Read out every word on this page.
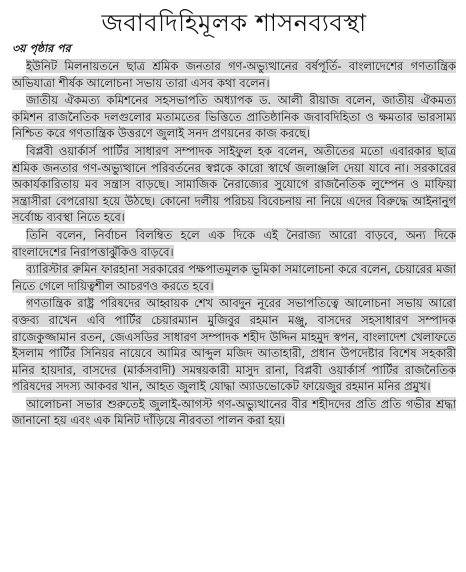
জবাবদিহিমূলক শাসনব্যবস্থা
৩য় পৃষ্ঠার পর

ইউনিট মিলনায়তনে ছাত্র শ্রমিক জনতার গণ-অভ্যুত্থানের বর্ষপূর্তি- বাংলাদেশের গণতান্ত্রিক অভিযাত্রা শীর্ষক আলোচনা সভায় তারা এসব কথা বলেন।

জাতীয় ঐকমত্য কমিশনের সহসভাপতি অধ্যাপক ড. আলী রীয়াজ বলেন, জাতীয় ঐকমত্য কমিশন রাজনৈতিক দলগুলোর মতামতের ভিত্তিতে প্রাতিষ্ঠানিক জবাবদিহিতা ও ক্ষমতার ভারসাম্য নিশ্চিত করে গণতান্ত্রিক উত্তরণে জুলাই সনদ প্রণয়নের কাজ করছে।

বিপ্লবী ওয়ার্কার্স পার্টির সাধারণ সম্পাদক সাইফুল হক বলেন, অতীতের মতো এবারকার ছাত্র শ্রমিক জনতার গণ-অভ্যুত্থানে পরিবর্তনের স্বপ্নকে কারো স্বার্থে জলাঞ্জলি দেয়া যাবে না। সরকারের অকার্যকারিতায় মব সন্ত্রাস বাড়ছে। সামাজিক নৈরাজ্যের সুযোগে রাজনৈতিক লুম্পেন ও মাফিয়া সন্ত্রাসীরা বেপরোয়া হয়ে উঠছে। কোনো দলীয় পরিচয় বিবেচনায় না নিয়ে এদের বিরুদ্ধে আইনানুগ সর্বোচ্চ ব্যবস্থা নিতে হবে।

তিনি বলেন, নির্বাচন বিলম্বিত হলে এক দিকে এই নৈরাজ্য আরো বাড়বে, অন্য দিকে বাংলাদেশের নিরাপত্তাঝুঁকিও বাড়বে।

ব্যারিস্টার রুমিন ফারহানা সরকারের পক্ষপাতমূলক ভূমিকা সমালোচনা করে বলেন, চেয়ারের মজা নিতে গেলে দায়িত্বশীল আচরণও করতে হবে।

গণতান্ত্রিক রাষ্ট্র পরিষদের আহ্বায়ক শেখ আবদুন নূরের সভাপতিত্বে আলোচনা সভায় আরো বক্তব্য রাখেন এবি পার্টির চেয়ারম্যান মুজিবুর রহমান মঞ্জু, বাসদের সহসাধারণ সম্পাদক রাজেকুজ্জামান রতন, জেএসডির সাধারণ সম্পাদক শহীদ উদ্দিন মাহমুদ স্বপন, বাংলাদেশ খেলাফতে ইসলাম পার্টির সিনিয়র নায়েবে আমির আব্দুল মজিদ আতাহারী, প্রধান উপদেষ্টার বিশেষ সহকারী মনির হায়দার, বাসদের (মার্কসবাদী) সমন্বয়কারী মাসুদ রানা, বিপ্লবী ওয়ার্কার্স পার্টির রাজনৈতিক পরিষদের সদস্য আকবর খান, আহত জুলাই যোদ্ধা অ্যাডভোকেট ফায়েজুর রহমান মনির প্রমুখ।

আলোচনা সভার শুরুতেই জুলাই-আগস্ট গণ-অভ্যুত্থানের বীর শহীদদের প্রতি প্রতি গভীর শ্রদ্ধা জানানো হয় এবং এক মিনিট দাঁড়িয়ে নীরবতা পালন করা হয়।
